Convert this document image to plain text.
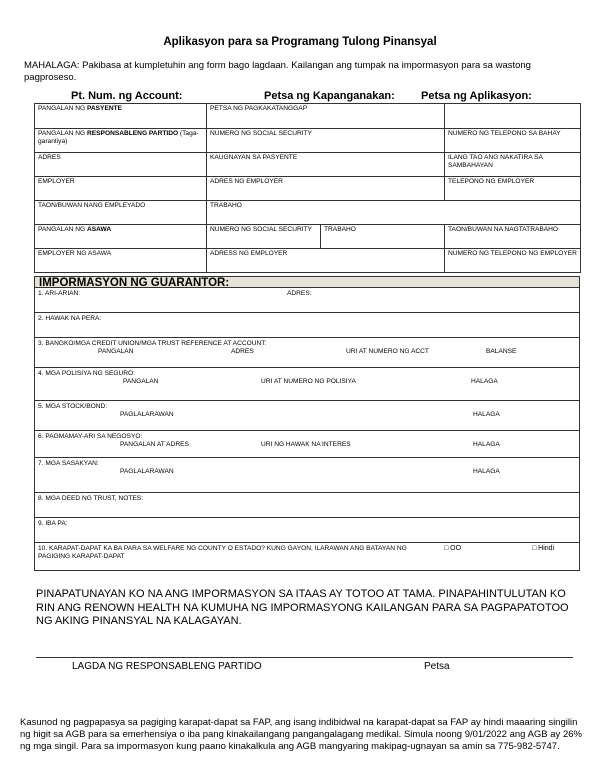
Aplikasyon para sa Programang Tulong Pinansyal
MAHALAGA: Pakibasa at kumpletuhin ang form bago lagdaan. Kailangan ang tumpak na impormasyon para sa wastong pagproseso.
Pt. Num. ng Account:	Petsa ng Kapanganakan: Petsa ng Aplikasyon:
PANGALAN NG PASYENTE	PETSA NG PAGKAKATANGGAP		
PANGALAN NG RESPONSABLENG PARTIDO (Taga-garantiya)	NUMERO NG SOCIAL SECURITY		NUMERO NG TELEPONO SA BAHAY
ADRES	KAUGNAYAN SA PASYENTE		ILANG TAO ANG NAKATIRA SA SAMBAHAYAN
EMPLOYER	ADRES NG EMPLOYER		TELEPONO NG EMPLOYER
TAON/BUWAN NANG EMPLEYADO	TRABAHO		
PANGALAN NG ASAWA	NUMERO NG SOCIAL SECURITY	TRABAHO	TAON/BUWAN NA NAGTATRABAHO
EMPLOYER NG ASAWA	ADRESS NG EMPLOYER		NUMERO NG TELEPONO NG EMPLOYER
IMPORMASYON NG GUARANTOR:
1. ARI-ARIAN:	ADRES:
2. HAWAK NA PERA:
3. BANGKO/MGA CREDIT UNION/MGA TRUST REFERENCE AT ACCOUNT:
PANGALAN	ADRES	URI AT NUMERO NG ACCT	BALANSE
4. MGA POLISIYA NG SEGURO:
PANGALAN	URI AT NUMERO NG POLISIYA	HALAGA
5. MGA STOCK/BOND:
PAGLALARAWAN	HALAGA
6. PAGMAMAY-ARI SA NEGOSYO:
PANGALAN AT ADRES	URI NG HAWAK NA INTERES	HALAGA
7. MGA SASAKYAN:
PAGLALARAWAN	HALAGA
8. MGA DEED NG TRUST, NOTES:
9. IBA PA:
10. KARAPAT-DAPAT KA BA PARA SA WELFARE NG COUNTY O ESTADO? KUNG GAYON, ILARAWAN ANG BATAYAN NG PAGIGING KARAPAT-DAPAT
□ OO	□ Hindi
PINAPATUNAYAN KO NA ANG IMPORMASYON SA ITAAS AY TOTOO AT TAMA. PINAPAHINTULUTAN KO RIN ANG RENOWN HEALTH NA KUMUHA NG IMPORMASYONG KAILANGAN PARA SA PAGPAPATOTOO NG AKING PINANSYAL NA KALAGAYAN.
LAGDA NG RESPONSABLENG PARTIDO	Petsa
Kasunod ng pagpapasya sa pagiging karapat-dapat sa FAP, ang isang indibidwal na karapat-dapat sa FAP ay hindi maaaring singilin ng higit sa AGB para sa emerhensiya o iba pang kinakailangang pangangalagang medikal. Simula noong 9/01/2022 ang AGB ay 26% ng mga singil. Para sa impormasyon kung paano kinakalkula ang AGB mangyaring makipag-ugnayan sa amin sa 775-982-5747.
